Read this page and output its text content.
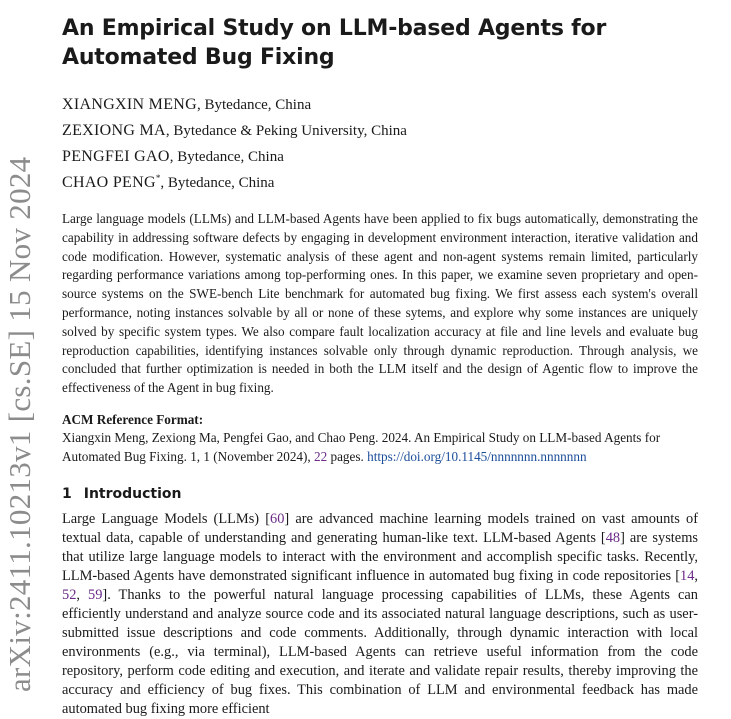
arXiv:2411.10213v1 [cs.SE] 15 Nov 2024
An Empirical Study on LLM-based Agents for Automated Bug Fixing
XIANGXIN MENG, Bytedance, China
ZEXIONG MA, Bytedance & Peking University, China
PENGFEI GAO, Bytedance, China
CHAO PENG*, Bytedance, China

Large language models (LLMs) and LLM-based Agents have been applied to fix bugs automatically, demonstrating the capability in addressing software defects by engaging in development environment interaction, iterative validation and code modification. However, systematic analysis of these agent and non-agent systems remain limited, particularly regarding performance variations among top-performing ones. In this paper, we examine seven proprietary and open-source systems on the SWE-bench Lite benchmark for automated bug fixing. We first assess each system's overall performance, noting instances solvable by all or none of these sytems, and explore why some instances are uniquely solved by specific system types. We also compare fault localization accuracy at file and line levels and evaluate bug reproduction capabilities, identifying instances solvable only through dynamic reproduction. Through analysis, we concluded that further optimization is needed in both the LLM itself and the design of Agentic flow to improve the effectiveness of the Agent in bug fixing.

ACM Reference Format:
Xiangxin Meng, Zexiong Ma, Pengfei Gao, and Chao Peng. 2024. An Empirical Study on LLM-based Agents for Automated Bug Fixing. 1, 1 (November 2024), 22 pages. https://doi.org/10.1145/nnnnnnn.nnnnnnn
1 Introduction

Large Language Models (LLMs) [60] are advanced machine learning models trained on vast amounts of textual data, capable of understanding and generating human-like text. LLM-based Agents [48] are systems that utilize large language models to interact with the environment and accomplish specific tasks. Recently, LLM-based Agents have demonstrated significant influence in automated bug fixing in code repositories [14, 52, 59]. Thanks to the powerful natural language processing capabilities of LLMs, these Agents can efficiently understand and analyze source code and its associated natural language descriptions, such as user-submitted issue descriptions and code comments. Additionally, through dynamic interaction with local environments (e.g., via terminal), LLM-based Agents can retrieve useful information from the code repository, perform code editing and execution, and iterate and validate repair results, thereby improving the accuracy and efficiency of bug fixes. This combination of LLM and environmental feedback has made automated bug fixing more efficient
